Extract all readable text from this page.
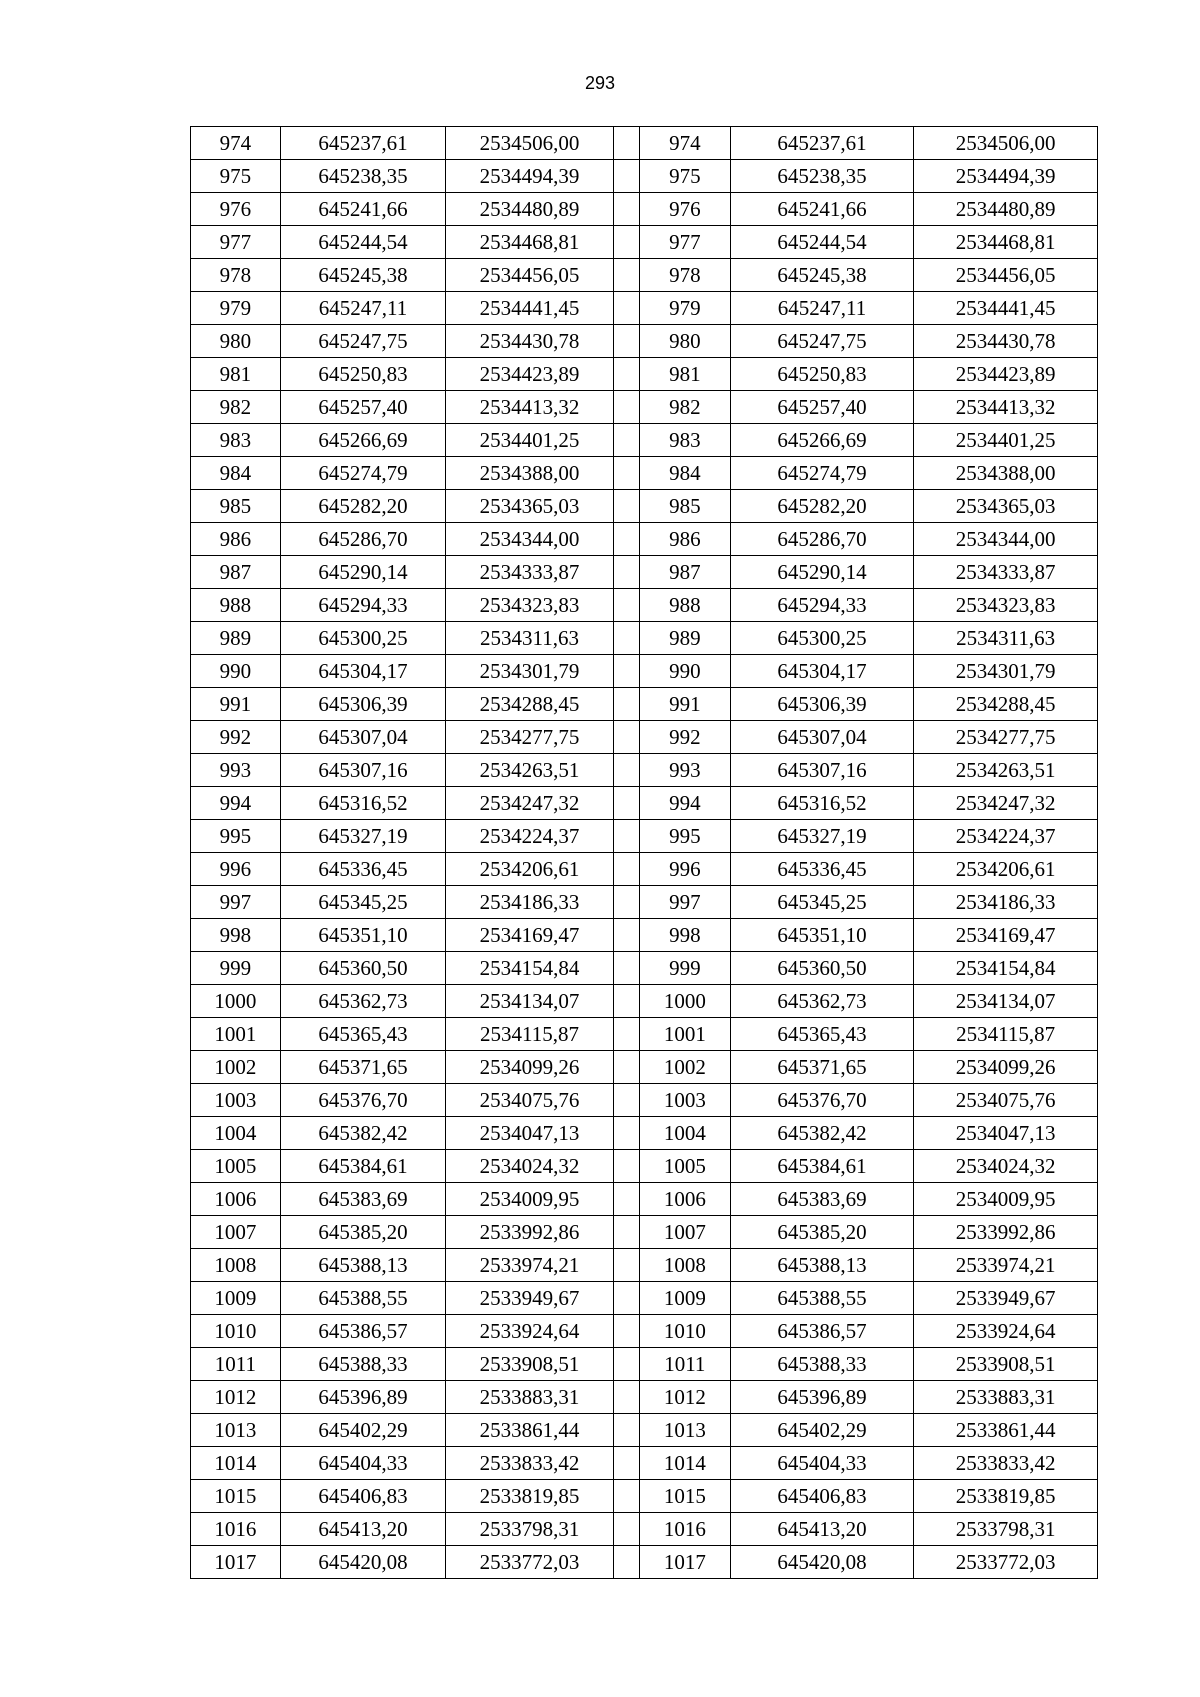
293
974	645237,61	2534506,00		974	645237,61	2534506,00
975	645238,35	2534494,39		975	645238,35	2534494,39
976	645241,66	2534480,89		976	645241,66	2534480,89
977	645244,54	2534468,81		977	645244,54	2534468,81
978	645245,38	2534456,05		978	645245,38	2534456,05
979	645247,11	2534441,45		979	645247,11	2534441,45
980	645247,75	2534430,78		980	645247,75	2534430,78
981	645250,83	2534423,89		981	645250,83	2534423,89
982	645257,40	2534413,32		982	645257,40	2534413,32
983	645266,69	2534401,25		983	645266,69	2534401,25
984	645274,79	2534388,00		984	645274,79	2534388,00
985	645282,20	2534365,03		985	645282,20	2534365,03
986	645286,70	2534344,00		986	645286,70	2534344,00
987	645290,14	2534333,87		987	645290,14	2534333,87
988	645294,33	2534323,83		988	645294,33	2534323,83
989	645300,25	2534311,63		989	645300,25	2534311,63
990	645304,17	2534301,79		990	645304,17	2534301,79
991	645306,39	2534288,45		991	645306,39	2534288,45
992	645307,04	2534277,75		992	645307,04	2534277,75
993	645307,16	2534263,51		993	645307,16	2534263,51
994	645316,52	2534247,32		994	645316,52	2534247,32
995	645327,19	2534224,37		995	645327,19	2534224,37
996	645336,45	2534206,61		996	645336,45	2534206,61
997	645345,25	2534186,33		997	645345,25	2534186,33
998	645351,10	2534169,47		998	645351,10	2534169,47
999	645360,50	2534154,84		999	645360,50	2534154,84
1000	645362,73	2534134,07		1000	645362,73	2534134,07
1001	645365,43	2534115,87		1001	645365,43	2534115,87
1002	645371,65	2534099,26		1002	645371,65	2534099,26
1003	645376,70	2534075,76		1003	645376,70	2534075,76
1004	645382,42	2534047,13		1004	645382,42	2534047,13
1005	645384,61	2534024,32		1005	645384,61	2534024,32
1006	645383,69	2534009,95		1006	645383,69	2534009,95
1007	645385,20	2533992,86		1007	645385,20	2533992,86
1008	645388,13	2533974,21		1008	645388,13	2533974,21
1009	645388,55	2533949,67		1009	645388,55	2533949,67
1010	645386,57	2533924,64		1010	645386,57	2533924,64
1011	645388,33	2533908,51		1011	645388,33	2533908,51
1012	645396,89	2533883,31		1012	645396,89	2533883,31
1013	645402,29	2533861,44		1013	645402,29	2533861,44
1014	645404,33	2533833,42		1014	645404,33	2533833,42
1015	645406,83	2533819,85		1015	645406,83	2533819,85
1016	645413,20	2533798,31		1016	645413,20	2533798,31
1017	645420,08	2533772,03		1017	645420,08	2533772,03
